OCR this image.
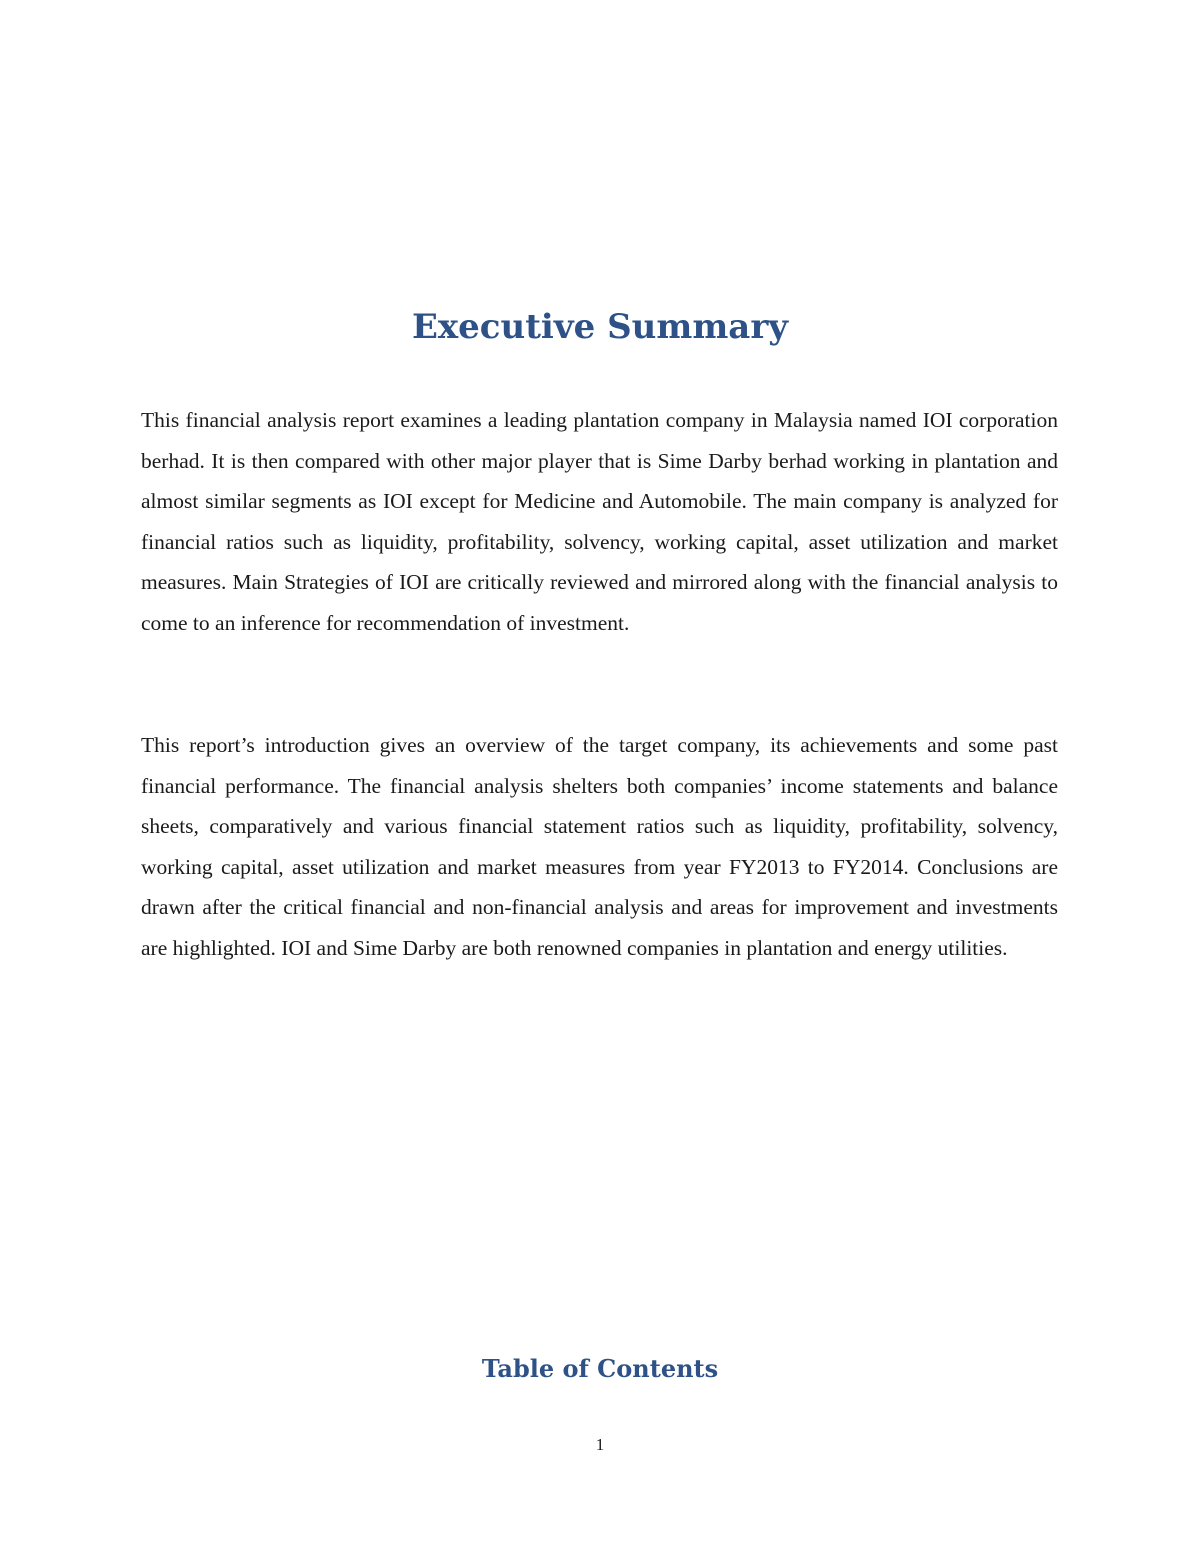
Executive Summary

This financial analysis report examines a leading plantation company in Malaysia named IOI corporation berhad. It is then compared with other major player that is Sime Darby berhad working in plantation and almost similar segments as IOI except for Medicine and Automobile. The main company is analyzed for financial ratios such as liquidity, profitability, solvency, working capital, asset utilization and market measures. Main Strategies of IOI are critically reviewed and mirrored along with the financial analysis to come to an inference for recommendation of investment.

This report’s introduction gives an overview of the target company, its achievements and some past financial performance. The financial analysis shelters both companies’ income statements and balance sheets, comparatively and various financial statement ratios such as liquidity, profitability, solvency, working capital, asset utilization and market measures from year FY2013 to FY2014. Conclusions are drawn after the critical financial and non-financial analysis and areas for improvement and investments are highlighted. IOI and Sime Darby are both renowned companies in plantation and energy utilities.

Table of Contents
1
